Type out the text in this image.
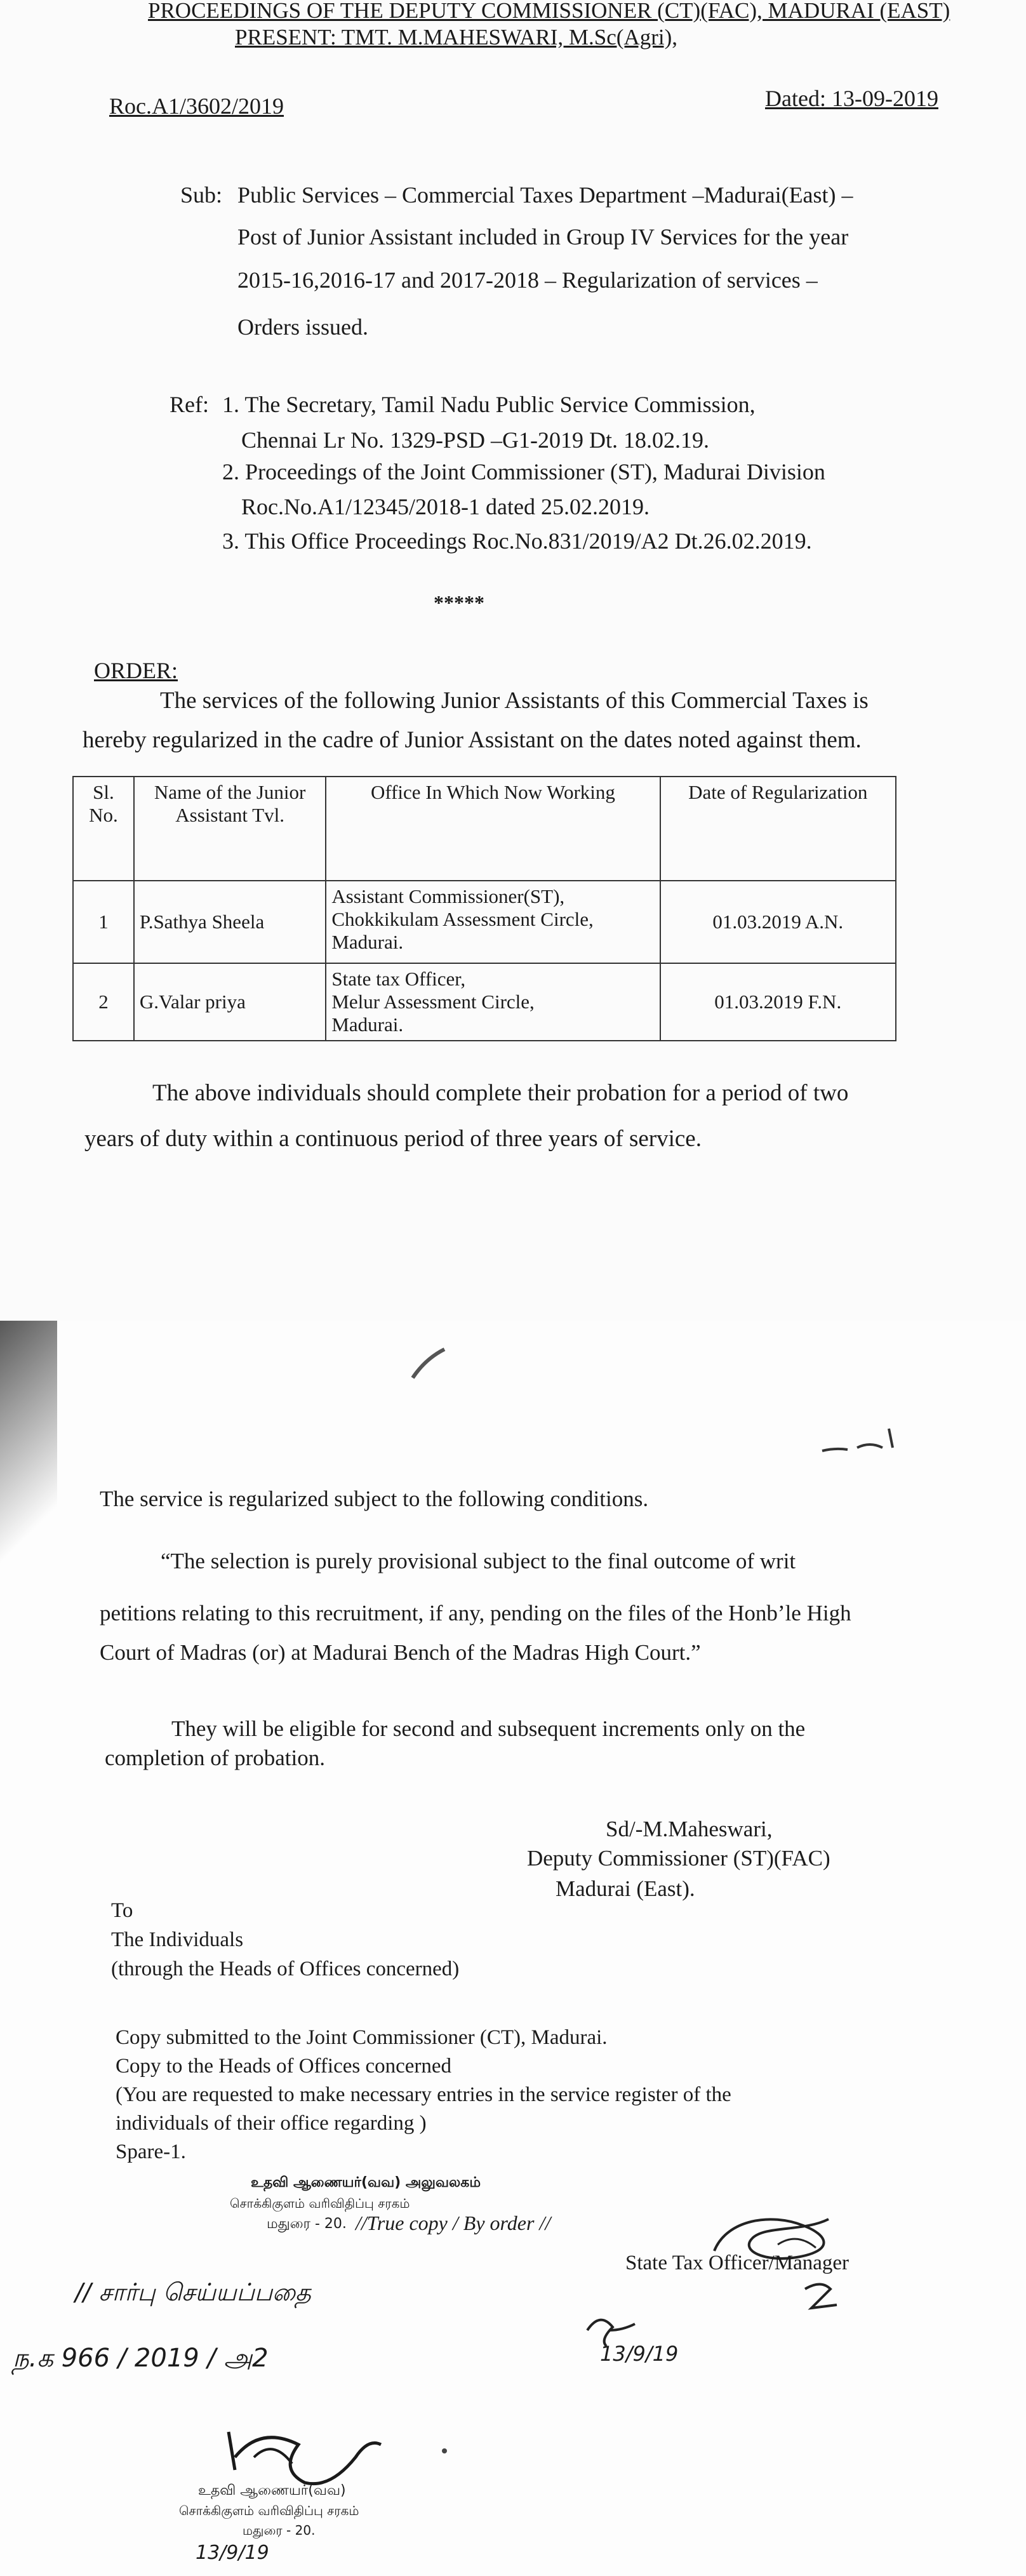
PROCEEDINGS OF THE DEPUTY COMMISSIONER (CT)(FAC), MADURAI (EAST)
PRESENT: TMT. M.MAHESWARI, M.Sc(Agri),
Roc.A1/3602/2019	Dated: 13-09-2019
Sub: Public Services – Commercial Taxes Department –Madurai(East) –
Post of Junior Assistant included in Group IV Services for the year
2015-16,2016-17 and 2017-2018 – Regularization of services –
Orders issued.
Ref: 1. The Secretary, Tamil Nadu Public Service Commission,
Chennai Lr No. 1329-PSD –G1-2019 Dt. 18.02.19.
2. Proceedings of the Joint Commissioner (ST), Madurai Division
Roc.No.A1/12345/2018-1 dated 25.02.2019.
3. This Office Proceedings Roc.No.831/2019/A2 Dt.26.02.2019.
*****
ORDER:
The services of the following Junior Assistants of this Commercial Taxes is
hereby regularized in the cadre of Junior Assistant on the dates noted against them.
Sl. No.	Name of the Junior Assistant Tvl.	Office In Which Now Working	Date of Regularization
1	P.Sathya Sheela	Assistant Commissioner(ST),
Chokkikulam Assessment Circle,
Madurai.	01.03.2019 A.N.
2	G.Valar priya	State tax Officer,
Melur Assessment Circle,
Madurai.	01.03.2019 F.N.
The above individuals should complete their probation for a period of two
years of duty within a continuous period of three years of service.
The service is regularized subject to the following conditions.
“The selection is purely provisional subject to the final outcome of writ
petitions relating to this recruitment, if any, pending on the files of the Honb’le High
Court of Madras (or) at Madurai Bench of the Madras High Court.”
They will be eligible for second and subsequent increments only on the
completion of probation.
Sd/-M.Maheswari,
Deputy Commissioner (ST)(FAC)
Madurai (East).
To
The Individuals
(through the Heads of Offices concerned)
Copy submitted to the Joint Commissioner (CT), Madurai.
Copy to the Heads of Offices concerned
(You are requested to make necessary entries in the service register of the
individuals of their office regarding )
Spare-1.
உதவி ஆணையர்(வவ) அலுவலகம்
சொக்கிகுளம் வரிவிதிப்பு சரகம்
மதுரை - 20. //True copy / By order //
State Tax Officer/Manager
// சார்பு செய்யப்பதை
ந.க 966 / 2019 / அ2	13/9/19
உதவி ஆணையர்(வவ)
சொக்கிகுளம் வரிவிதிப்பு சரகம்
மதுரை - 20.
13/9/19
